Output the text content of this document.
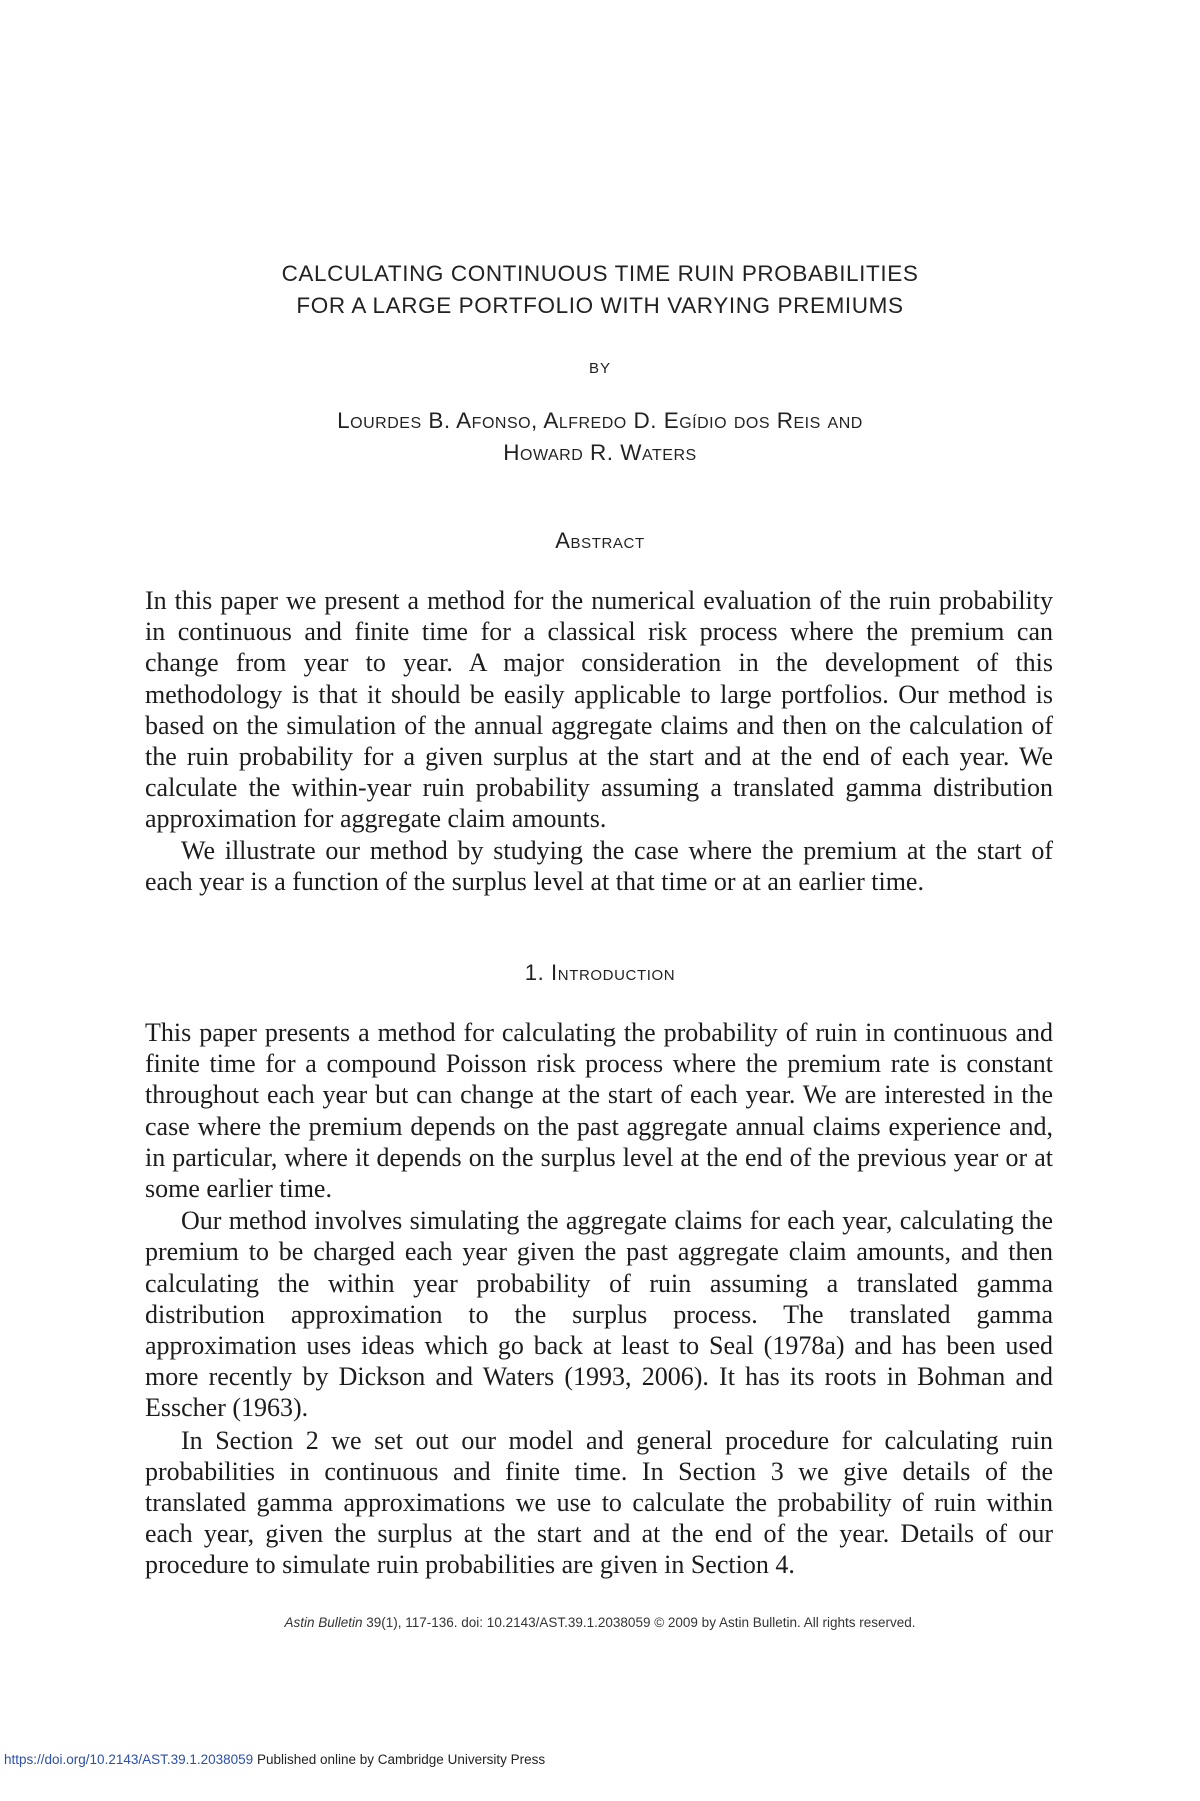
CALCULATING CONTINUOUS TIME RUIN PROBABILITIES
FOR A LARGE PORTFOLIO WITH VARYING PREMIUMS
BY
Lourdes B. Afonso, Alfredo D. Egídio dos Reis and
Howard R. Waters
Abstract

In this paper we present a method for the numerical evaluation of the ruin probability in continuous and finite time for a classical risk process where the premium can change from year to year. A major consideration in the development of this methodology is that it should be easily applicable to large portfolios. Our method is based on the simulation of the annual aggregate claims and then on the calculation of the ruin probability for a given surplus at the start and at the end of each year. We calculate the within-year ruin probability assuming a translated gamma distribution approximation for aggregate claim amounts.

We illustrate our method by studying the case where the premium at the start of each year is a function of the surplus level at that time or at an earlier time.

1. Introduction

This paper presents a method for calculating the probability of ruin in continuous and finite time for a compound Poisson risk process where the premium rate is constant throughout each year but can change at the start of each year. We are interested in the case where the premium depends on the past aggregate annual claims experience and, in particular, where it depends on the surplus level at the end of the previous year or at some earlier time.

Our method involves simulating the aggregate claims for each year, calculating the premium to be charged each year given the past aggregate claim amounts, and then calculating the within year probability of ruin assuming a translated gamma distribution approximation to the surplus process. The translated gamma approximation uses ideas which go back at least to Seal (1978a) and has been used more recently by Dickson and Waters (1993, 2006). It has its roots in Bohman and Esscher (1963).

In Section 2 we set out our model and general procedure for calculating ruin probabilities in continuous and finite time. In Section 3 we give details of the translated gamma approximations we use to calculate the probability of ruin within each year, given the surplus at the start and at the end of the year. Details of our procedure to simulate ruin probabilities are given in Section 4.

Astin Bulletin 39(1), 117-136. doi: 10.2143/AST.39.1.2038059 © 2009 by Astin Bulletin. All rights reserved.
https://doi.org/10.2143/AST.39.1.2038059 Published online by Cambridge University Press
